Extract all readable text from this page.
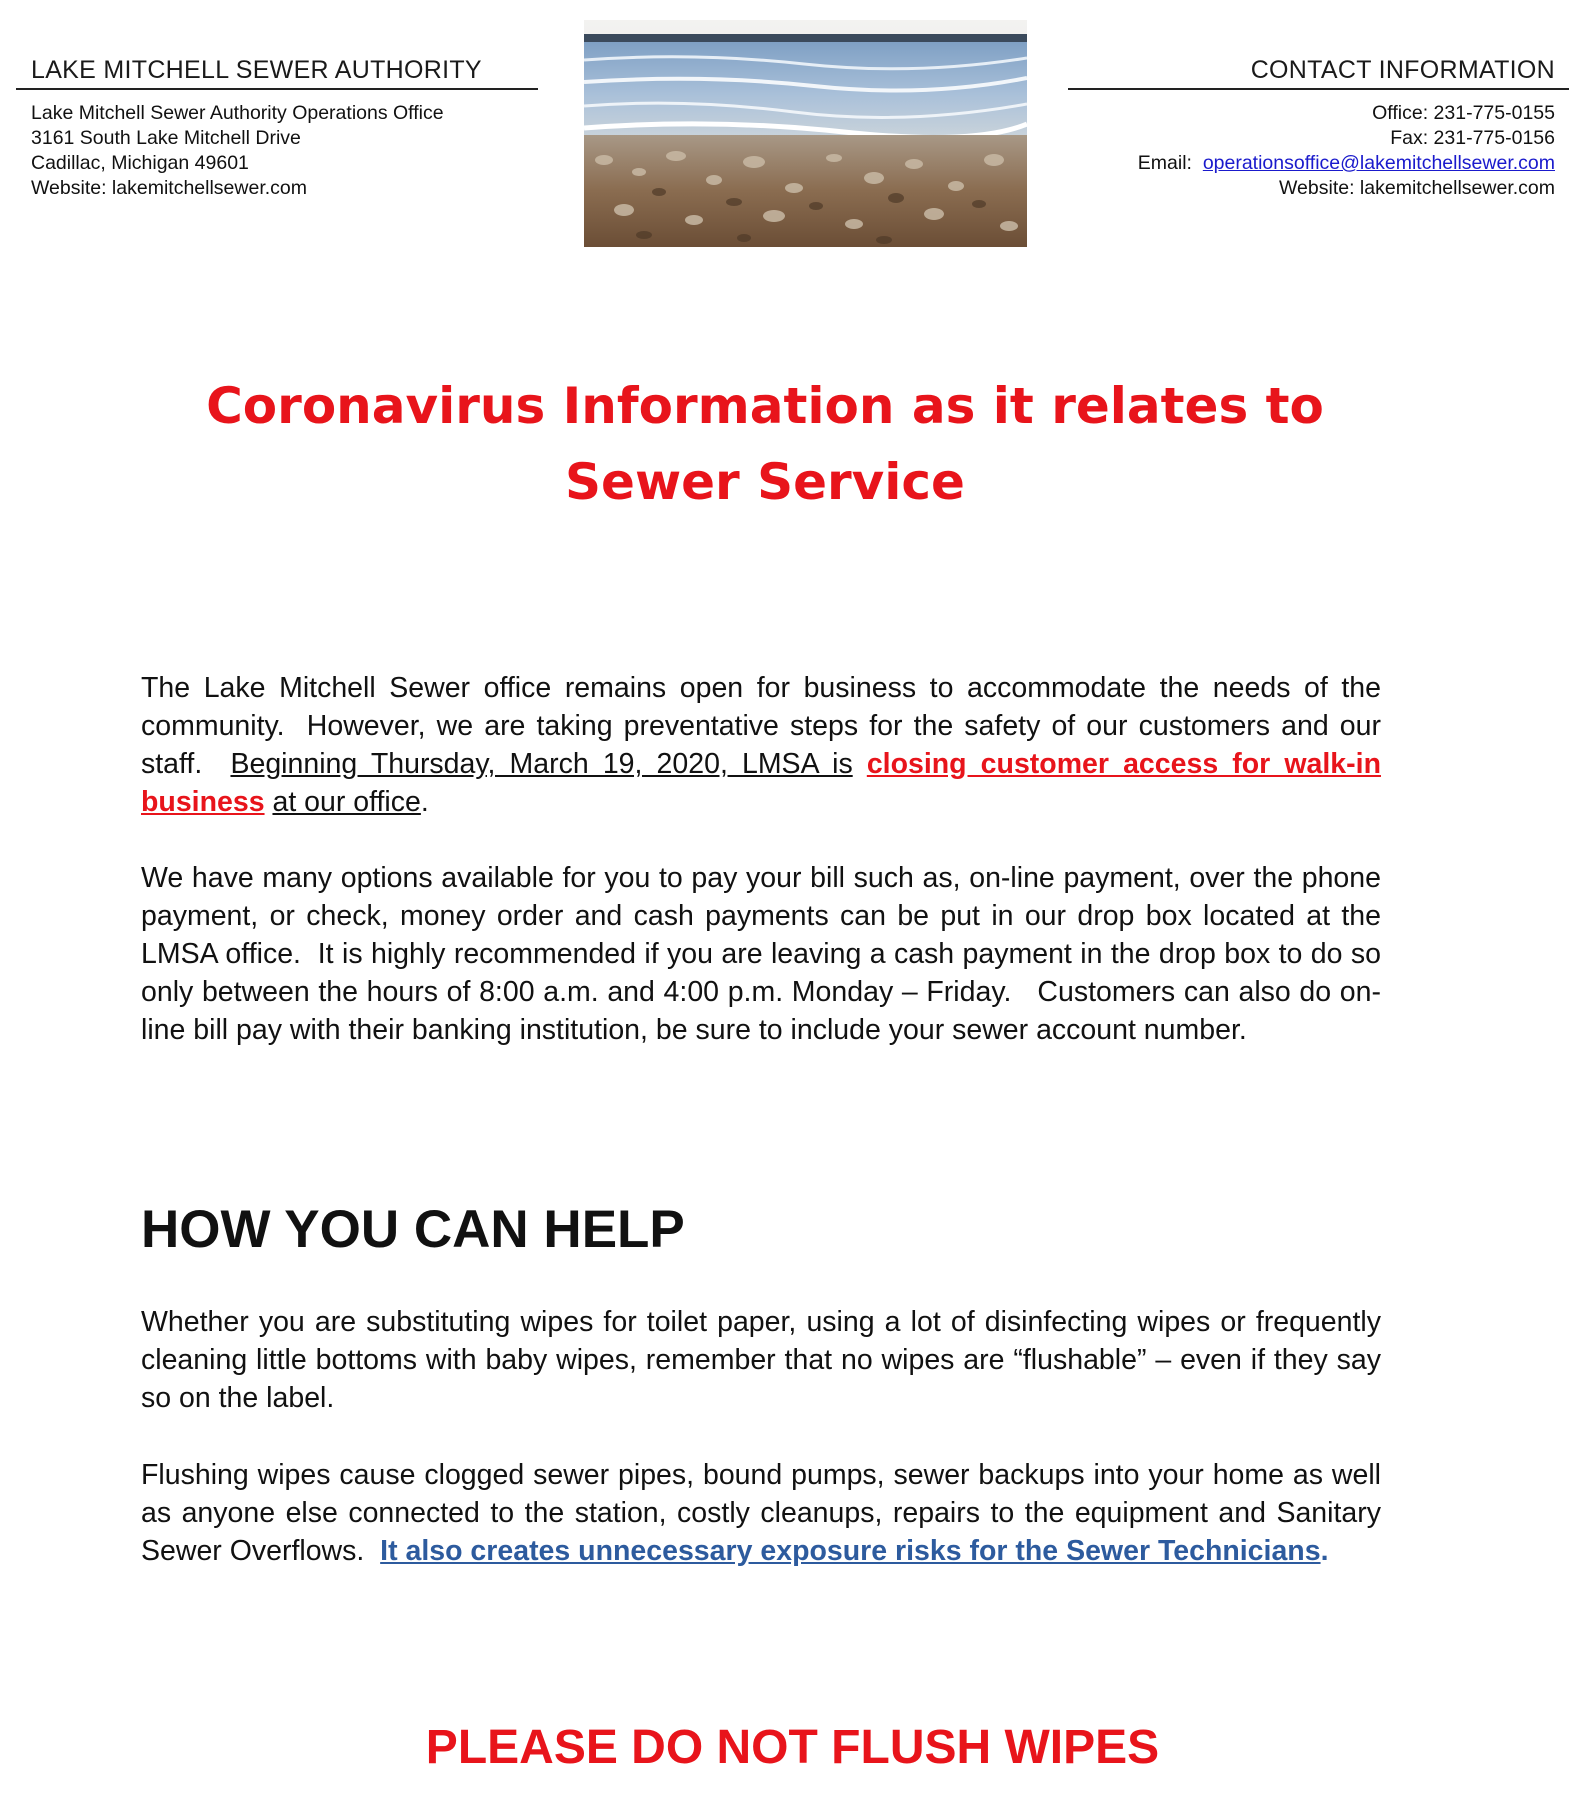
LAKE MITCHELL SEWER AUTHORITY
Lake Mitchell Sewer Authority Operations Office
3161 South Lake Mitchell Drive
Cadillac, Michigan 49601
Website: lakemitchellsewer.com
CONTACT INFORMATION
Office: 231-775-0155
Fax: 231-775-0156
Email:  operationsoffice@lakemitchellsewer.com
Website: lakemitchellsewer.com
Coronavirus Information as it relates to
Sewer Service
The Lake Mitchell Sewer office remains open for business to accommodate the needs of the community.  However, we are taking preventative steps for the safety of our customers and our staff.  Beginning Thursday, March 19, 2020, LMSA is closing customer access for walk-in business at our office.
We have many options available for you to pay your bill such as, on-line payment, over the phone payment, or check, money order and cash payments can be put in our drop box located at the LMSA office.  It is highly recommended if you are leaving a cash payment in the drop box to do so only between the hours of 8:00 a.m. and 4:00 p.m. Monday – Friday.   Customers can also do on-line bill pay with their banking institution, be sure to include your sewer account number.
HOW YOU CAN HELP
Whether you are substituting wipes for toilet paper, using a lot of disinfecting wipes or frequently cleaning little bottoms with baby wipes, remember that no wipes are “flushable” – even if they say so on the label.
Flushing wipes cause clogged sewer pipes, bound pumps, sewer backups into your home as well as anyone else connected to the station, costly cleanups, repairs to the equipment and Sanitary Sewer Overflows.  It also creates unnecessary exposure risks for the Sewer Technicians.
PLEASE DO NOT FLUSH WIPES
